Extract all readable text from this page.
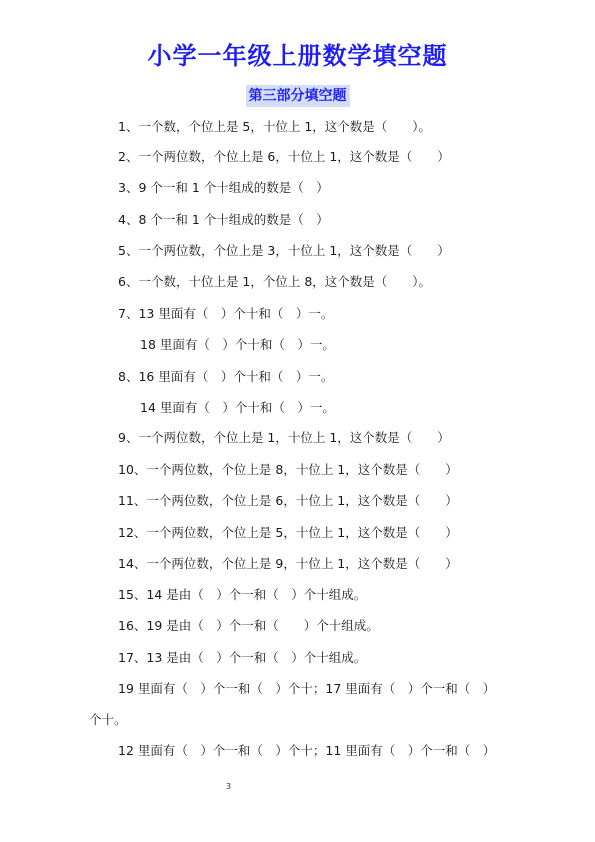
小学一年级上册数学填空题
第三部分填空题
1、一个数，个位上是 5，十位上 1，这个数是（　　）。
2、一个两位数，个位上是 6，十位上 1，这个数是（　　）
3、9 个一和 1 个十组成的数是（　）
4、8 个一和 1 个十组成的数是（　）
5、一个两位数，个位上是 3，十位上 1，这个数是（　　）
6、一个数，十位上是 1，个位上 8，这个数是（　　）。
7、13 里面有（　）个十和（　）一。
18 里面有（　）个十和（　）一。
8、16 里面有（　）个十和（　）一。
14 里面有（　）个十和（　）一。
9、一个两位数，个位上是 1，十位上 1，这个数是（　　）
10、一个两位数，个位上是 8，十位上 1，这个数是（　　）
11、一个两位数，个位上是 6，十位上 1，这个数是（　　）
12、一个两位数，个位上是 5，十位上 1，这个数是（　　）
14、一个两位数，个位上是 9，十位上 1，这个数是（　　）
15、14 是由（　）个一和（　）个十组成。
16、19 是由（　）个一和（　　）个十组成。
17、13 是由（　）个一和（　）个十组成。
19 里面有（　）个一和（　）个十；17 里面有（　）个一和（　）
个十。
12 里面有（　）个一和（　）个十；11 里面有（　）个一和（　）
3
